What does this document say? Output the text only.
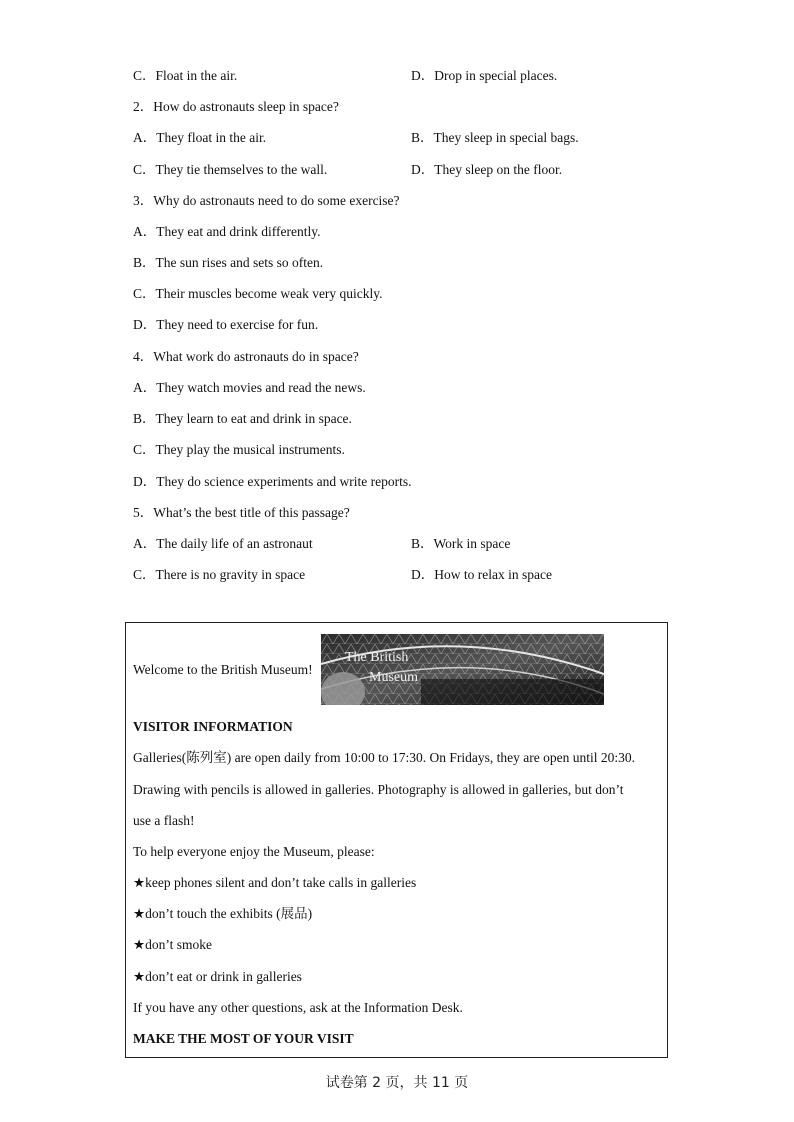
C．Float in the air.	D．Drop in special places.
2．How do astronauts sleep in space?
A．They float in the air.	B．They sleep in special bags.
C．They tie themselves to the wall.	D．They sleep on the floor.
3．Why do astronauts need to do some exercise?
A．They eat and drink differently.
B．The sun rises and sets so often.
C．Their muscles become weak very quickly.
D．They need to exercise for fun.
4．What work do astronauts do in space?
A．They watch movies and read the news.
B．They learn to eat and drink in space.
C．They play the musical instruments.
D．They do science experiments and write reports.
5．What’s the best title of this passage?
A．The daily life of an astronaut	B．Work in space
C．There is no gravity in space	D．How to relax in space
Welcome to the British Museum!
The British
Museum
VISITOR INFORMATION
Galleries(陈列室) are open daily from 10:00 to 17:30. On Fridays, they are open until 20:30.
Drawing with pencils is allowed in galleries. Photography is allowed in galleries, but don’t
use a flash!
To help everyone enjoy the Museum, please:
★keep phones silent and don’t take calls in galleries
★don’t touch the exhibits (展品)
★don’t smoke
★don’t eat or drink in galleries
If you have any other questions, ask at the Information Desk.
MAKE THE MOST OF YOUR VISIT
试卷第 2 页，共 11 页
